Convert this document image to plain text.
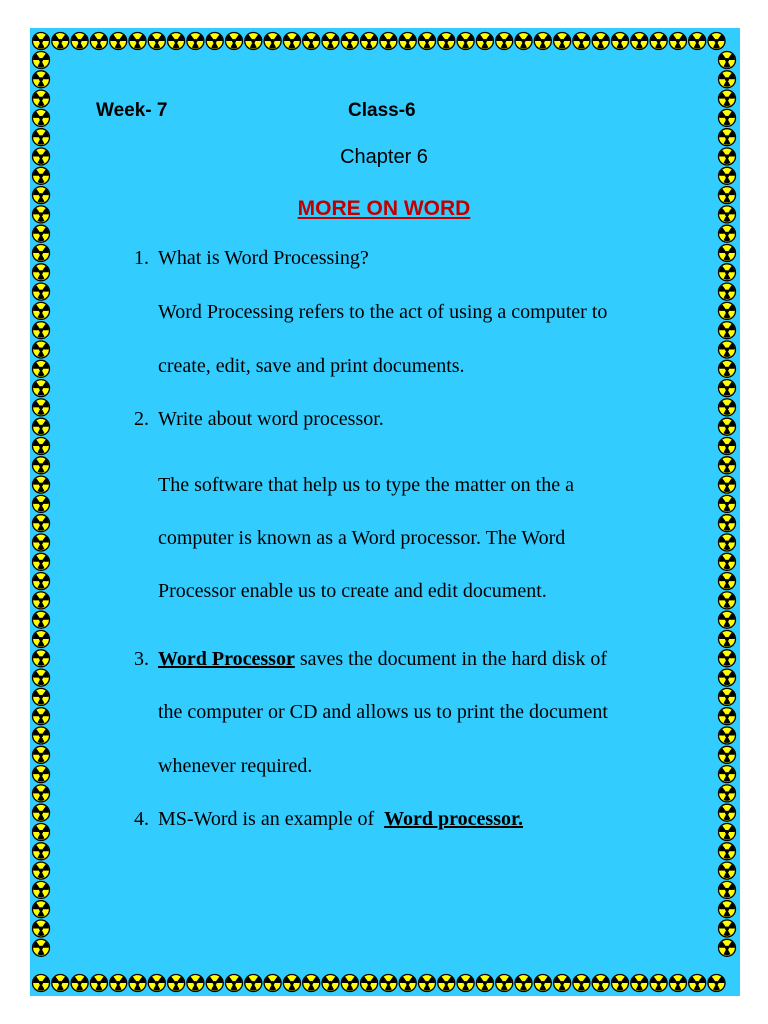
Week- 7	Class-6
Chapter 6
MORE ON WORD
1. What is Word Processing?
Word Processing refers to the act of using a computer to
create, edit, save and print documents.
2. Write about word processor.
The software that help us to type the matter on the a
computer is known as a Word processor. The Word
Processor enable us to create and edit document.
3. Word Processor saves the document in the hard disk of
the computer or CD and allows us to print the document
whenever required.
4. MS-Word is an example of  Word processor.
